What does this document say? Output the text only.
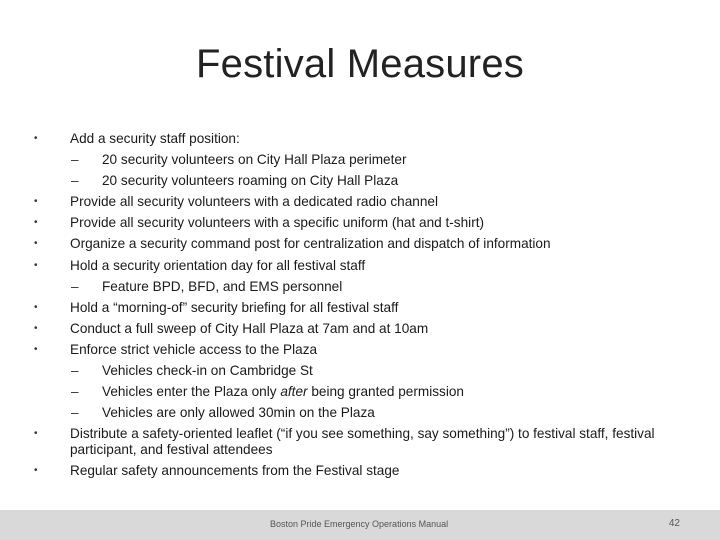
Festival Measures
• Add a security staff position:
– 20 security volunteers on City Hall Plaza perimeter
– 20 security volunteers roaming on City Hall Plaza
• Provide all security volunteers with a dedicated radio channel
• Provide all security volunteers with a specific uniform (hat and t-shirt)
• Organize a security command post for centralization and dispatch of information
• Hold a security orientation day for all festival staff
– Feature BPD, BFD, and EMS personnel
• Hold a “morning-of” security briefing for all festival staff
• Conduct a full sweep of City Hall Plaza at 7am and at 10am
• Enforce strict vehicle access to the Plaza
– Vehicles check-in on Cambridge St
– Vehicles enter the Plaza only after being granted permission
– Vehicles are only allowed 30min on the Plaza
• Distribute a safety-oriented leaflet (“if you see something, say something”) to festival staff, festival participant, and festival attendees
• Regular safety announcements from the Festival stage
Boston Pride Emergency Operations Manual	42
